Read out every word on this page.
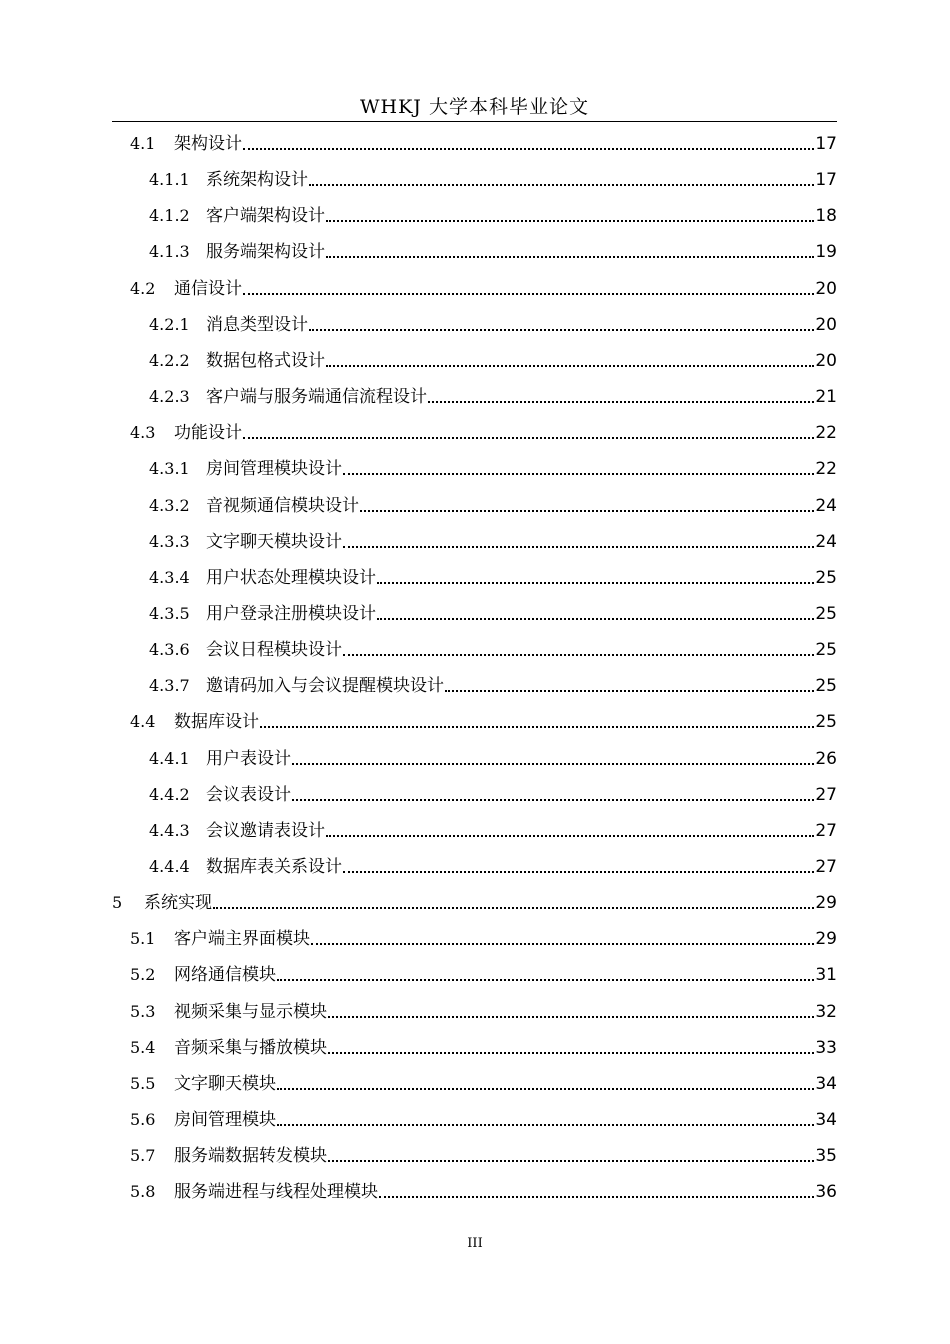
WHKJ 大学本科毕业论文
4.1	架构设计	17
4.1.1 系统架构设计	17
4.1.2 客户端架构设计	18
4.1.3 服务端架构设计	19
4.2	通信设计	20
4.2.1 消息类型设计	20
4.2.2 数据包格式设计	20
4.2.3 客户端与服务端通信流程设计	21
4.3	功能设计	22
4.3.1 房间管理模块设计	22
4.3.2 音视频通信模块设计	24
4.3.3 文字聊天模块设计	24
4.3.4 用户状态处理模块设计	25
4.3.5 用户登录注册模块设计	25
4.3.6 会议日程模块设计	25
4.3.7 邀请码加入与会议提醒模块设计	25
4.4	数据库设计	25
4.4.1 用户表设计	26
4.4.2 会议表设计	27
4.4.3 会议邀请表设计	27
4.4.4 数据库表关系设计	27
5	系统实现	29
5.1	客户端主界面模块	29
5.2	网络通信模块	31
5.3	视频采集与显示模块	32
5.4	音频采集与播放模块	33
5.5	文字聊天模块	34
5.6	房间管理模块	34
5.7	服务端数据转发模块	35
5.8	服务端进程与线程处理模块	36
III
